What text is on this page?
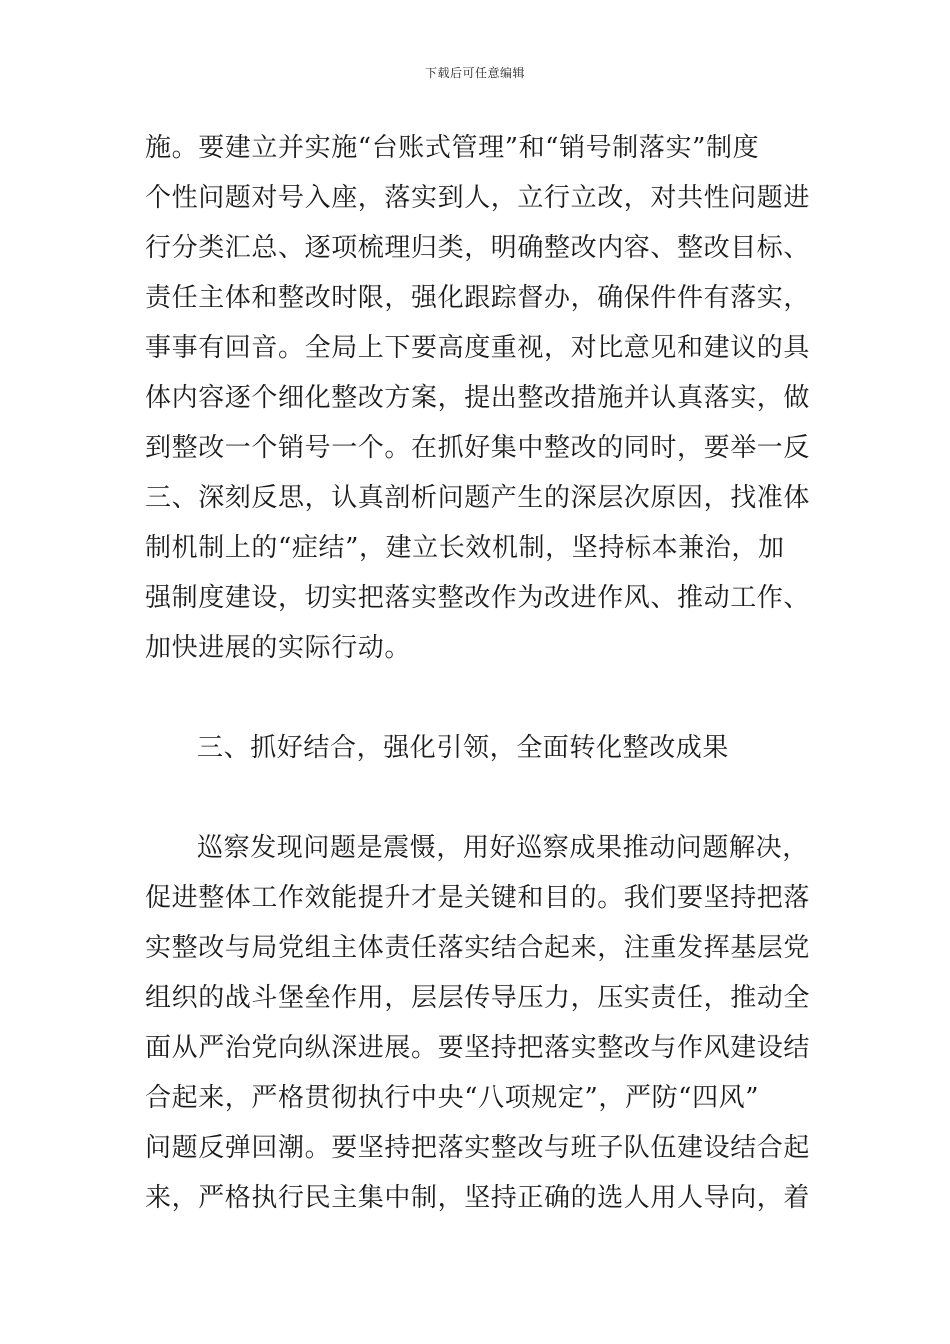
下载后可任意编辑
施。要建立并实施“台账式管理”和“销号制落实”制度
个性问题对号入座，落实到人，立行立改，对共性问题进
行分类汇总、逐项梳理归类，明确整改内容、整改目标、
责任主体和整改时限，强化跟踪督办，确保件件有落实，
事事有回音。全局上下要高度重视，对比意见和建议的具
体内容逐个细化整改方案，提出整改措施并认真落实，做
到整改一个销号一个。在抓好集中整改的同时，要举一反
三、深刻反思，认真剖析问题产生的深层次原因，找准体
制机制上的“症结”，建立长效机制，坚持标本兼治，加
强制度建设，切实把落实整改作为改进作风、推动工作、
加快进展的实际行动。
三、抓好结合，强化引领，全面转化整改成果
巡察发现问题是震慑，用好巡察成果推动问题解决，
促进整体工作效能提升才是关键和目的。我们要坚持把落
实整改与局党组主体责任落实结合起来，注重发挥基层党
组织的战斗堡垒作用，层层传导压力，压实责任，推动全
面从严治党向纵深进展。要坚持把落实整改与作风建设结
合起来，严格贯彻执行中央“八项规定”，严防“四风”
问题反弹回潮。要坚持把落实整改与班子队伍建设结合起
来，严格执行民主集中制，坚持正确的选人用人导向，着
